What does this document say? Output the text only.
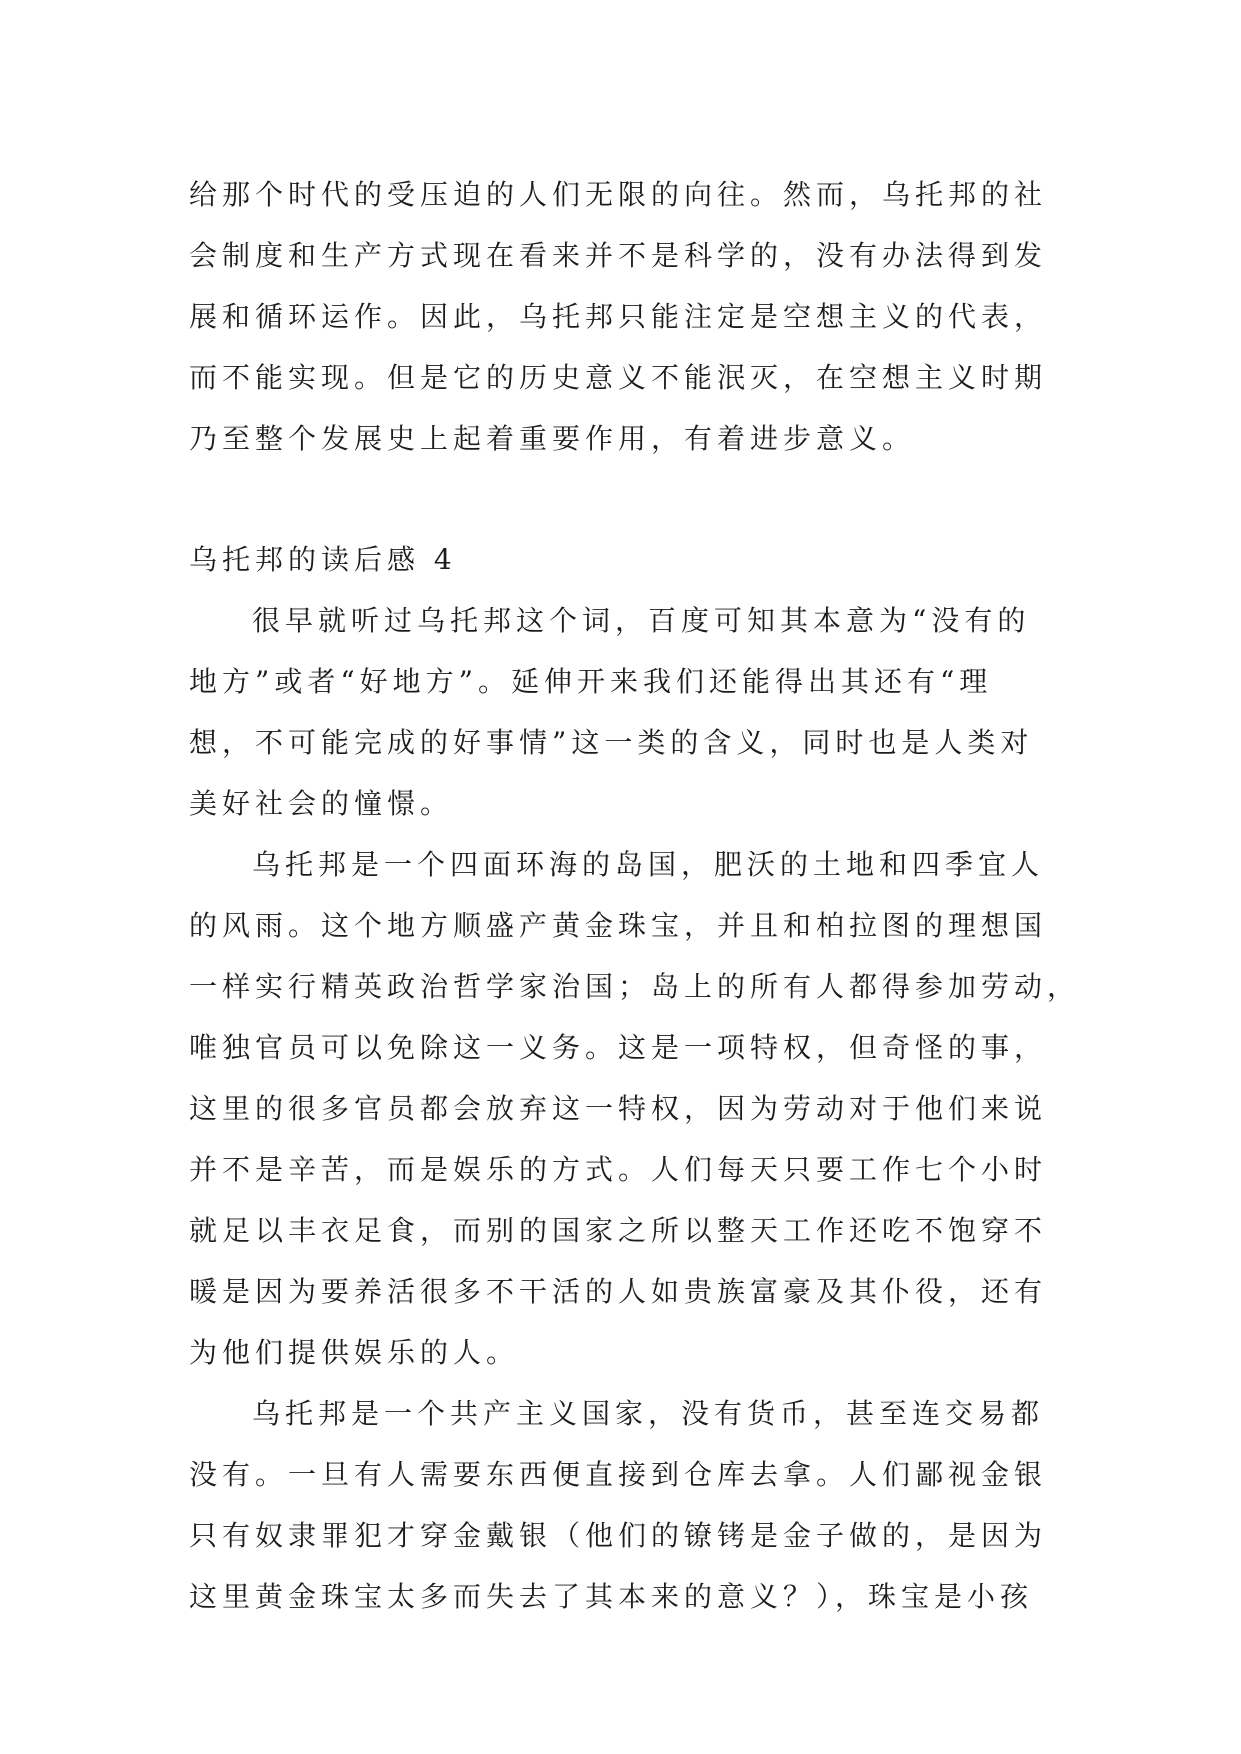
给那个时代的受压迫的人们无限的向往。然而，乌托邦的社
会制度和生产方式现在看来并不是科学的，没有办法得到发
展和循环运作。因此，乌托邦只能注定是空想主义的代表，
而不能实现。但是它的历史意义不能泯灭，在空想主义时期
乃至整个发展史上起着重要作用，有着进步意义。
乌托邦的读后感 4
很早就听过乌托邦这个词，百度可知其本意为“没有的
地方”或者“好地方”。延伸开来我们还能得出其还有“理
想，不可能完成的好事情”这一类的含义，同时也是人类对
美好社会的憧憬。
乌托邦是一个四面环海的岛国，肥沃的土地和四季宜人
的风雨。这个地方顺盛产黄金珠宝，并且和柏拉图的理想国
一样实行精英政治哲学家治国；岛上的所有人都得参加劳动，
唯独官员可以免除这一义务。这是一项特权，但奇怪的事，
这里的很多官员都会放弃这一特权，因为劳动对于他们来说
并不是辛苦，而是娱乐的方式。人们每天只要工作七个小时
就足以丰衣足食，而别的国家之所以整天工作还吃不饱穿不
暖是因为要养活很多不干活的人如贵族富豪及其仆役，还有
为他们提供娱乐的人。
乌托邦是一个共产主义国家，没有货币，甚至连交易都
没有。一旦有人需要东西便直接到仓库去拿。人们鄙视金银
只有奴隶罪犯才穿金戴银（他们的镣铐是金子做的，是因为
这里黄金珠宝太多而失去了其本来的意义？），珠宝是小孩
